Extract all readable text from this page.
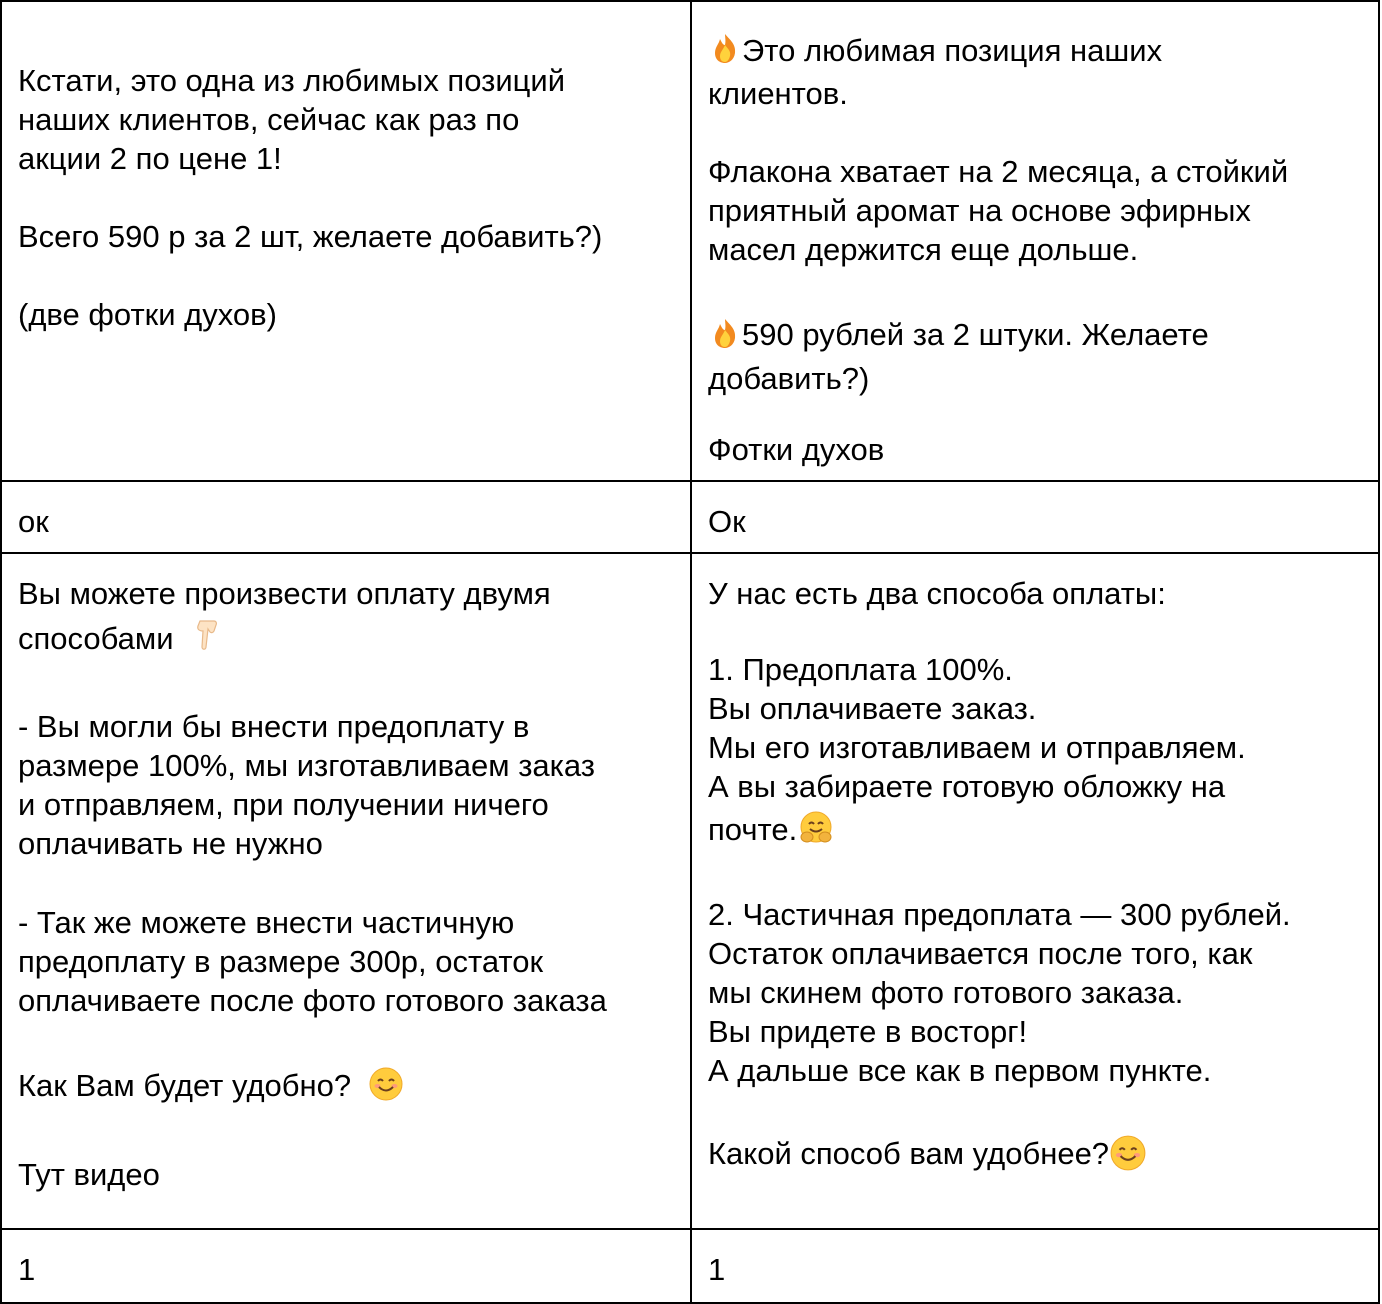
Кстати, это одна из любимых позиций
наших клиентов, сейчас как раз по
акции 2 по цене 1!
Всего 590 р за 2 шт, желаете добавить?)
(две фотки духов)
Это любимая позиция наших
клиентов.
Флакона хватает на 2 месяца, а стойкий
приятный аромат на основе эфирных
масел держится еще дольше.
590 рублей за 2 штуки. Желаете
добавить?)
Фотки духов
ок	Ок
Вы можете произвести оплату двумя
способами
- Вы могли бы внести предоплату в
размере 100%, мы изготавливаем заказ
и отправляем, при получении ничего
оплачивать не нужно
- Так же можете внести частичную
предоплату в размере 300р, остаток
оплачиваете после фото готового заказа
Как Вам будет удобно?
Тут видео
У нас есть два способа оплаты:
1. Предоплата 100%.
Вы оплачиваете заказ.
Мы его изготавливаем и отправляем.
А вы забираете готовую обложку на
почте.
2. Частичная предоплата — 300 рублей.
Остаток оплачивается после того, как
мы скинем фото готового заказа.
Вы придете в восторг!
А дальше все как в первом пункте.
Какой способ вам удобнее?
1	1
